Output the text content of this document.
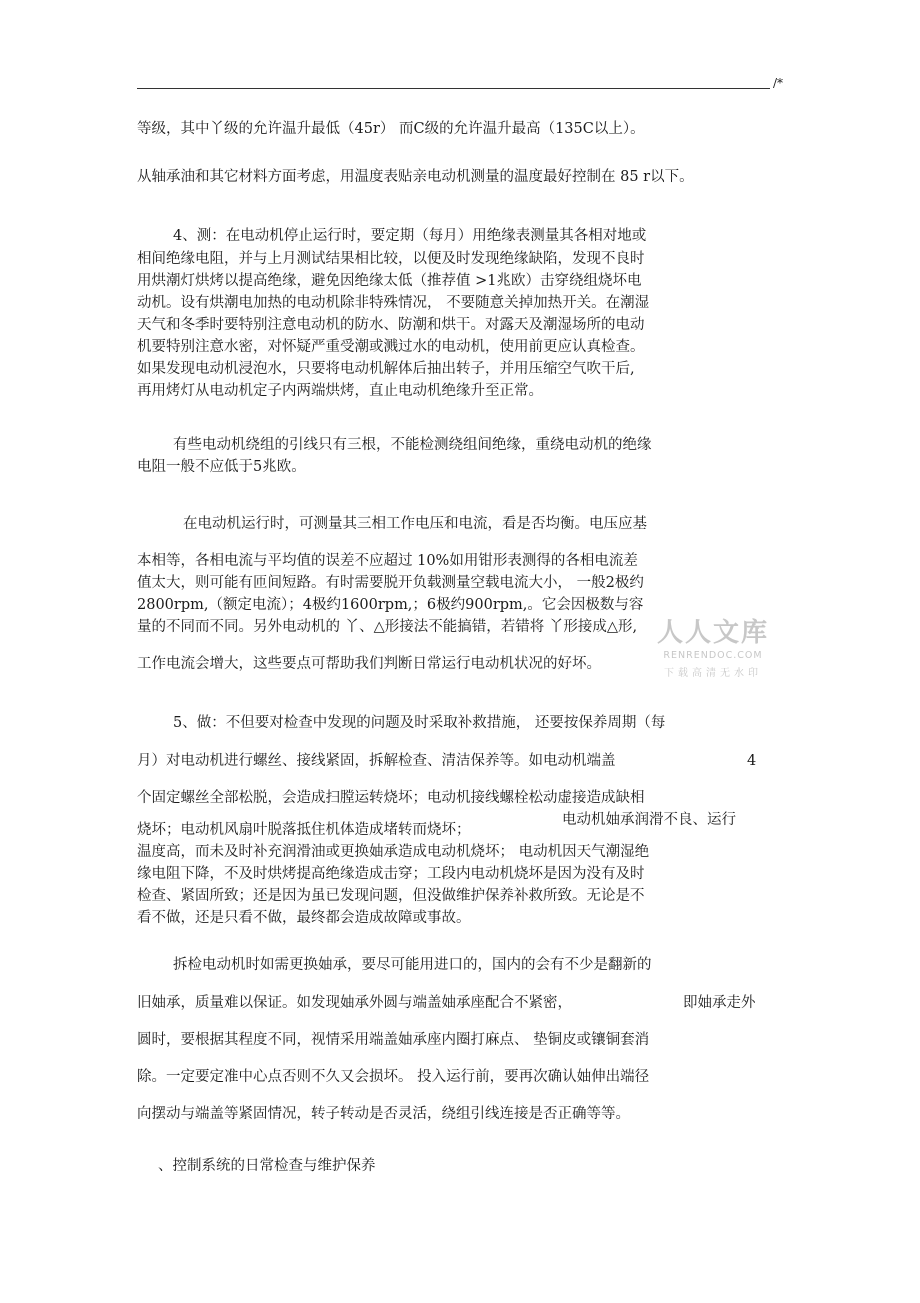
/*
等级，其中丫级的允许温升最低（45r） 而C级的允许温升最高（135C以上）。
从轴承油和其它材料方面考虑，用温度表贴亲电动机测量的温度最好控制在 85 r以下。
4、测：在电动机停止运行时，要定期（每月）用绝缘表测量其各相对地或
相间绝缘电阻，并与上月测试结果相比较，以便及时发现绝缘缺陷，发现不良时
用烘潮灯烘烤以提高绝缘，避免因绝缘太低（推荐值 >1兆欧）击穿绕组烧坏电
动机。设有烘潮电加热的电动机除非特殊情况， 不要随意关掉加热开关。在潮湿
天气和冬季时要特别注意电动机的防水、防潮和烘干。对露天及潮湿场所的电动
机要特别注意水密，对怀疑严重受潮或溅过水的电动机，使用前更应认真检查。
如果发现电动机浸泡水，只要将电动机解体后抽出转子，并用压缩空气吹干后,
再用烤灯从电动机定子内两端烘烤，直止电动机绝缘升至正常。
有些电动机绕组的引线只有三根，不能检测绕组间绝缘，重绕电动机的绝缘
电阻一般不应低于5兆欧。
在电动机运行时，可测量其三相工作电压和电流，看是否均衡。电压应基
本相等，各相电流与平均值的误差不应超过 10%如用钳形表测得的各相电流差
值太大，则可能有匝间短路。有时需要脱开负载测量空载电流大小， 一般2极约
2800rpm,（额定电流）；4极约1600rpm,；6极约900rpm,。它会因极数与容
量的不同而不同。另外电动机的 丫、△形接法不能搞错，若错将 丫形接成△形,
工作电流会增大，这些要点可帮助我们判断日常运行电动机状况的好坏。
5、做：不但要对检查中发现的问题及时采取补救措施， 还要按保养周期（每
月）对电动机进行螺丝、接线紧固，拆解检查、清洁保养等。如电动机端盖	4
个固定螺丝全部松脱，会造成扫膛运转烧坏；电动机接线螺栓松动虚接造成缺相
电动机妯承润滑不良、运行
烧坏；电动机风扇叶脱落抵住机体造成堵转而烧坏；
温度高，而未及时补充润滑油或更换妯承造成电动机烧坏； 电动机因天气潮湿绝
缘电阻下降，不及时烘烤提高绝缘造成击穿；工段内电动机烧坏是因为没有及时
检查、紧固所致；还是因为虽已发现问题，但没做维护保养补救所致。无论是不
看不做，还是只看不做，最终都会造成故障或事故。
拆检电动机时如需更换妯承，要尽可能用进口的，国内的会有不少是翻新的
旧妯承，质量难以保证。如发现妯承外圆与端盖妯承座配合不紧密，	即妯承走外
圆时，要根据其程度不同，视情采用端盖妯承座内圈打麻点、 垫铜皮或镶铜套消
除。一定要定准中心点否则不久又会损坏。 投入运行前，要再次确认妯伸出端径
向摆动与端盖等紧固情况，转子转动是否灵活，绕组引线连接是否正确等等。
、控制系统的日常检查与维护保养
人人文库
RENRENDOC.COM
下载高清无水印
